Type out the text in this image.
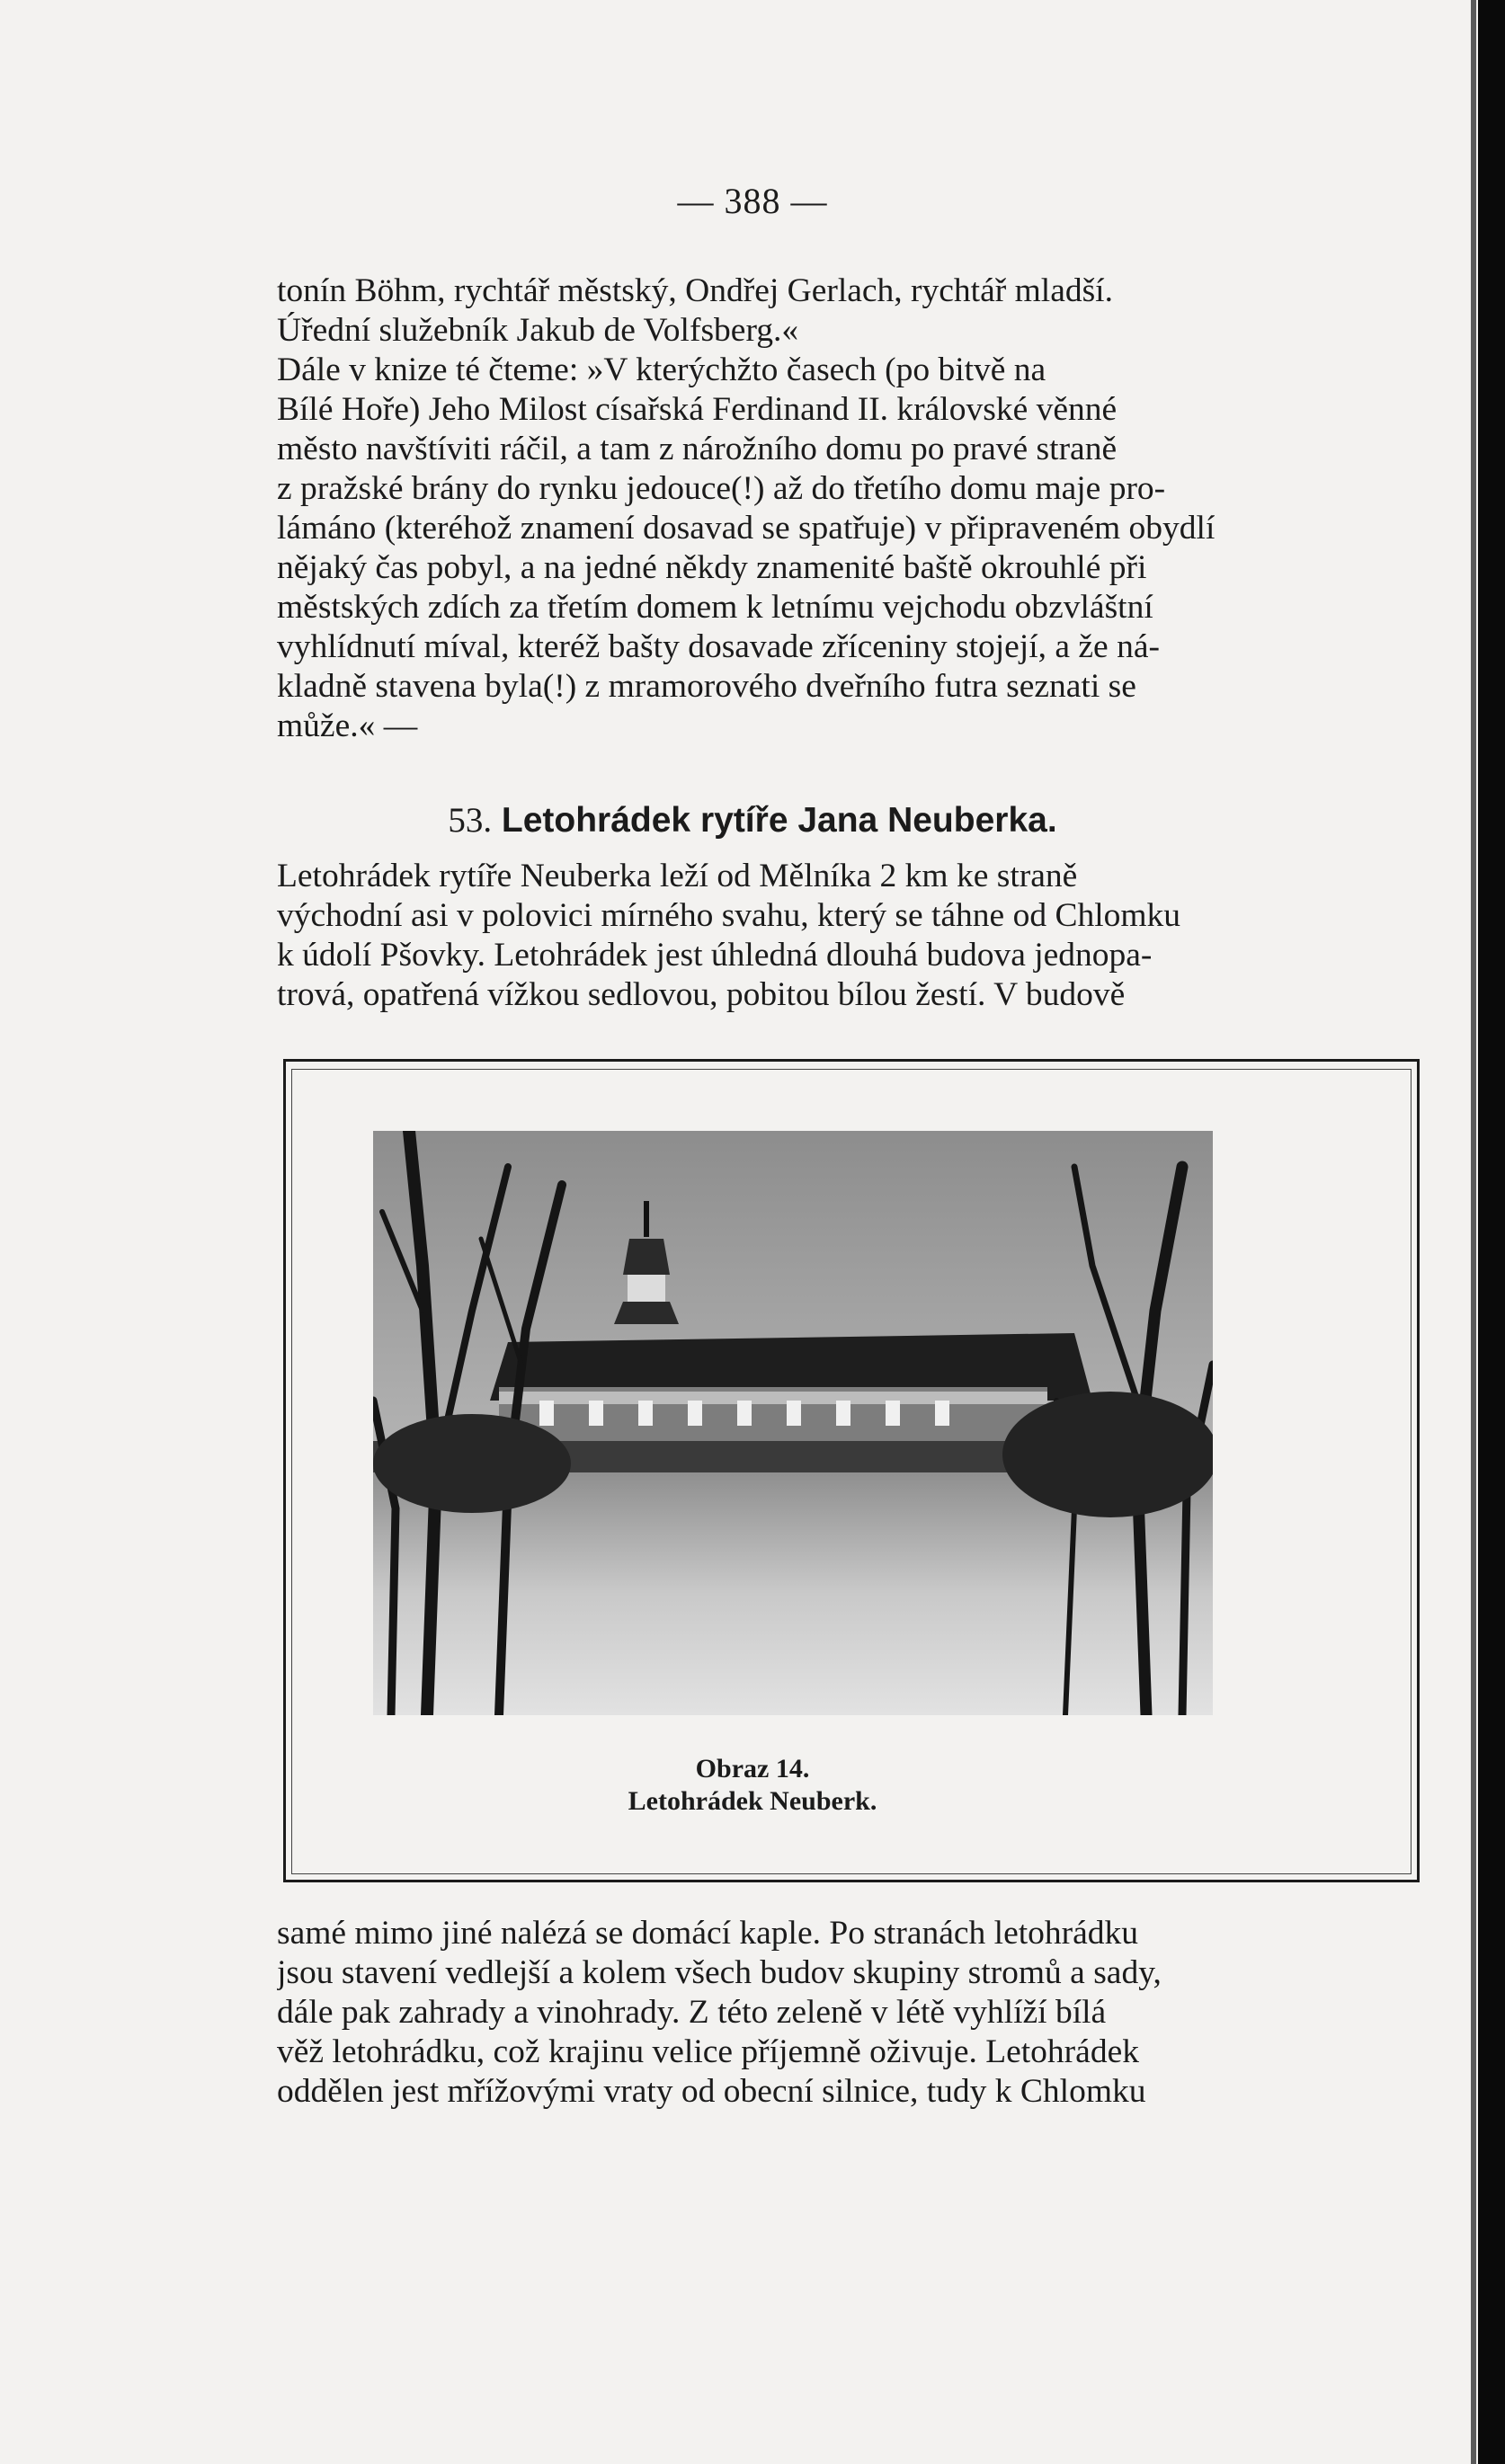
— 388 —
tonín Böhm, rychtář městský, Ondřej Gerlach, rychtář mladší.
Úřední služebník Jakub de Volfsberg.«
Dále v knize té čteme: »V kterýchžto časech (po bitvě na
Bílé Hoře) Jeho Milost císařská Ferdinand II. královské věnné
město navštíviti ráčil, a tam z nárožního domu po pravé straně
z pražské brány do rynku jedouce(!) až do třetího domu maje pro-
lámáno (kteréhož znamení dosavad se spatřuje) v připraveném obydlí
nějaký čas pobyl, a na jedné někdy znamenité baště okrouhlé při
městských zdích za třetím domem k letnímu vejchodu obzvláštní
vyhlídnutí míval, kteréž bašty dosavade zříceniny stojejí, a že ná-
kladně stavena byla(!) z mramorového dveřního futra seznati se
může.« —
53. Letohrádek rytíře Jana Neuberka.
Letohrádek rytíře Neuberka leží od Mělníka 2 km ke straně
východní asi v polovici mírného svahu, který se táhne od Chlomku
k údolí Pšovky. Letohrádek jest úhledná dlouhá budova jednopa-
trová, opatřená vížkou sedlovou, pobitou bílou žestí. V budově
Obraz 14.
Letohrádek Neuberk.
samé mimo jiné nalézá se domácí kaple. Po stranách letohrádku
jsou stavení vedlejší a kolem všech budov skupiny stromů a sady,
dále pak zahrady a vinohrady. Z této zeleně v létě vyhlíží bílá
věž letohrádku, což krajinu velice příjemně oživuje. Letohrádek
oddělen jest mřížovými vraty od obecní silnice, tudy k Chlomku
